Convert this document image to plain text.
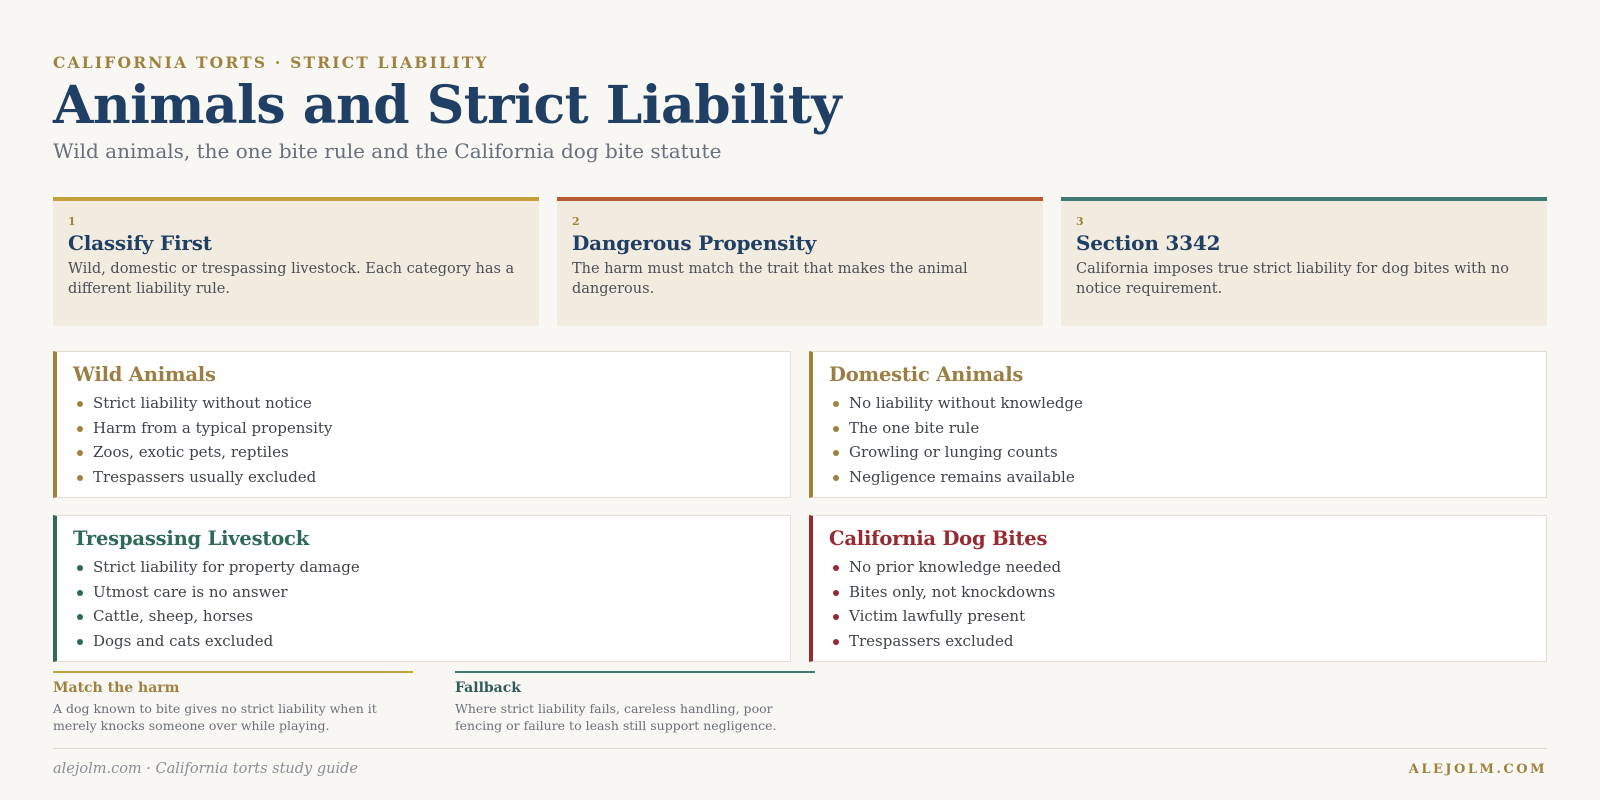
CALIFORNIA TORTS · STRICT LIABILITY
Animals and Strict Liability
Wild animals, the one bite rule and the California dog bite statute
1
Classify First
Wild, domestic or trespassing livestock. Each category has a different liability rule.
2
Dangerous Propensity
The harm must match the trait that makes the animal dangerous.
3
Section 3342
California imposes true strict liability for dog bites with no notice requirement.
Wild Animals
Strict liability without notice
Harm from a typical propensity
Zoos, exotic pets, reptiles
Trespassers usually excluded
Domestic Animals
No liability without knowledge
The one bite rule
Growling or lunging counts
Negligence remains available
Trespassing Livestock
Strict liability for property damage
Utmost care is no answer
Cattle, sheep, horses
Dogs and cats excluded
California Dog Bites
No prior knowledge needed
Bites only, not knockdowns
Victim lawfully present
Trespassers excluded
Match the harm
A dog known to bite gives no strict liability when it merely knocks someone over while playing.
Fallback
Where strict liability fails, careless handling, poor fencing or failure to leash still support negligence.
alejolm.com · California torts study guide	ALEJOLM.COM
